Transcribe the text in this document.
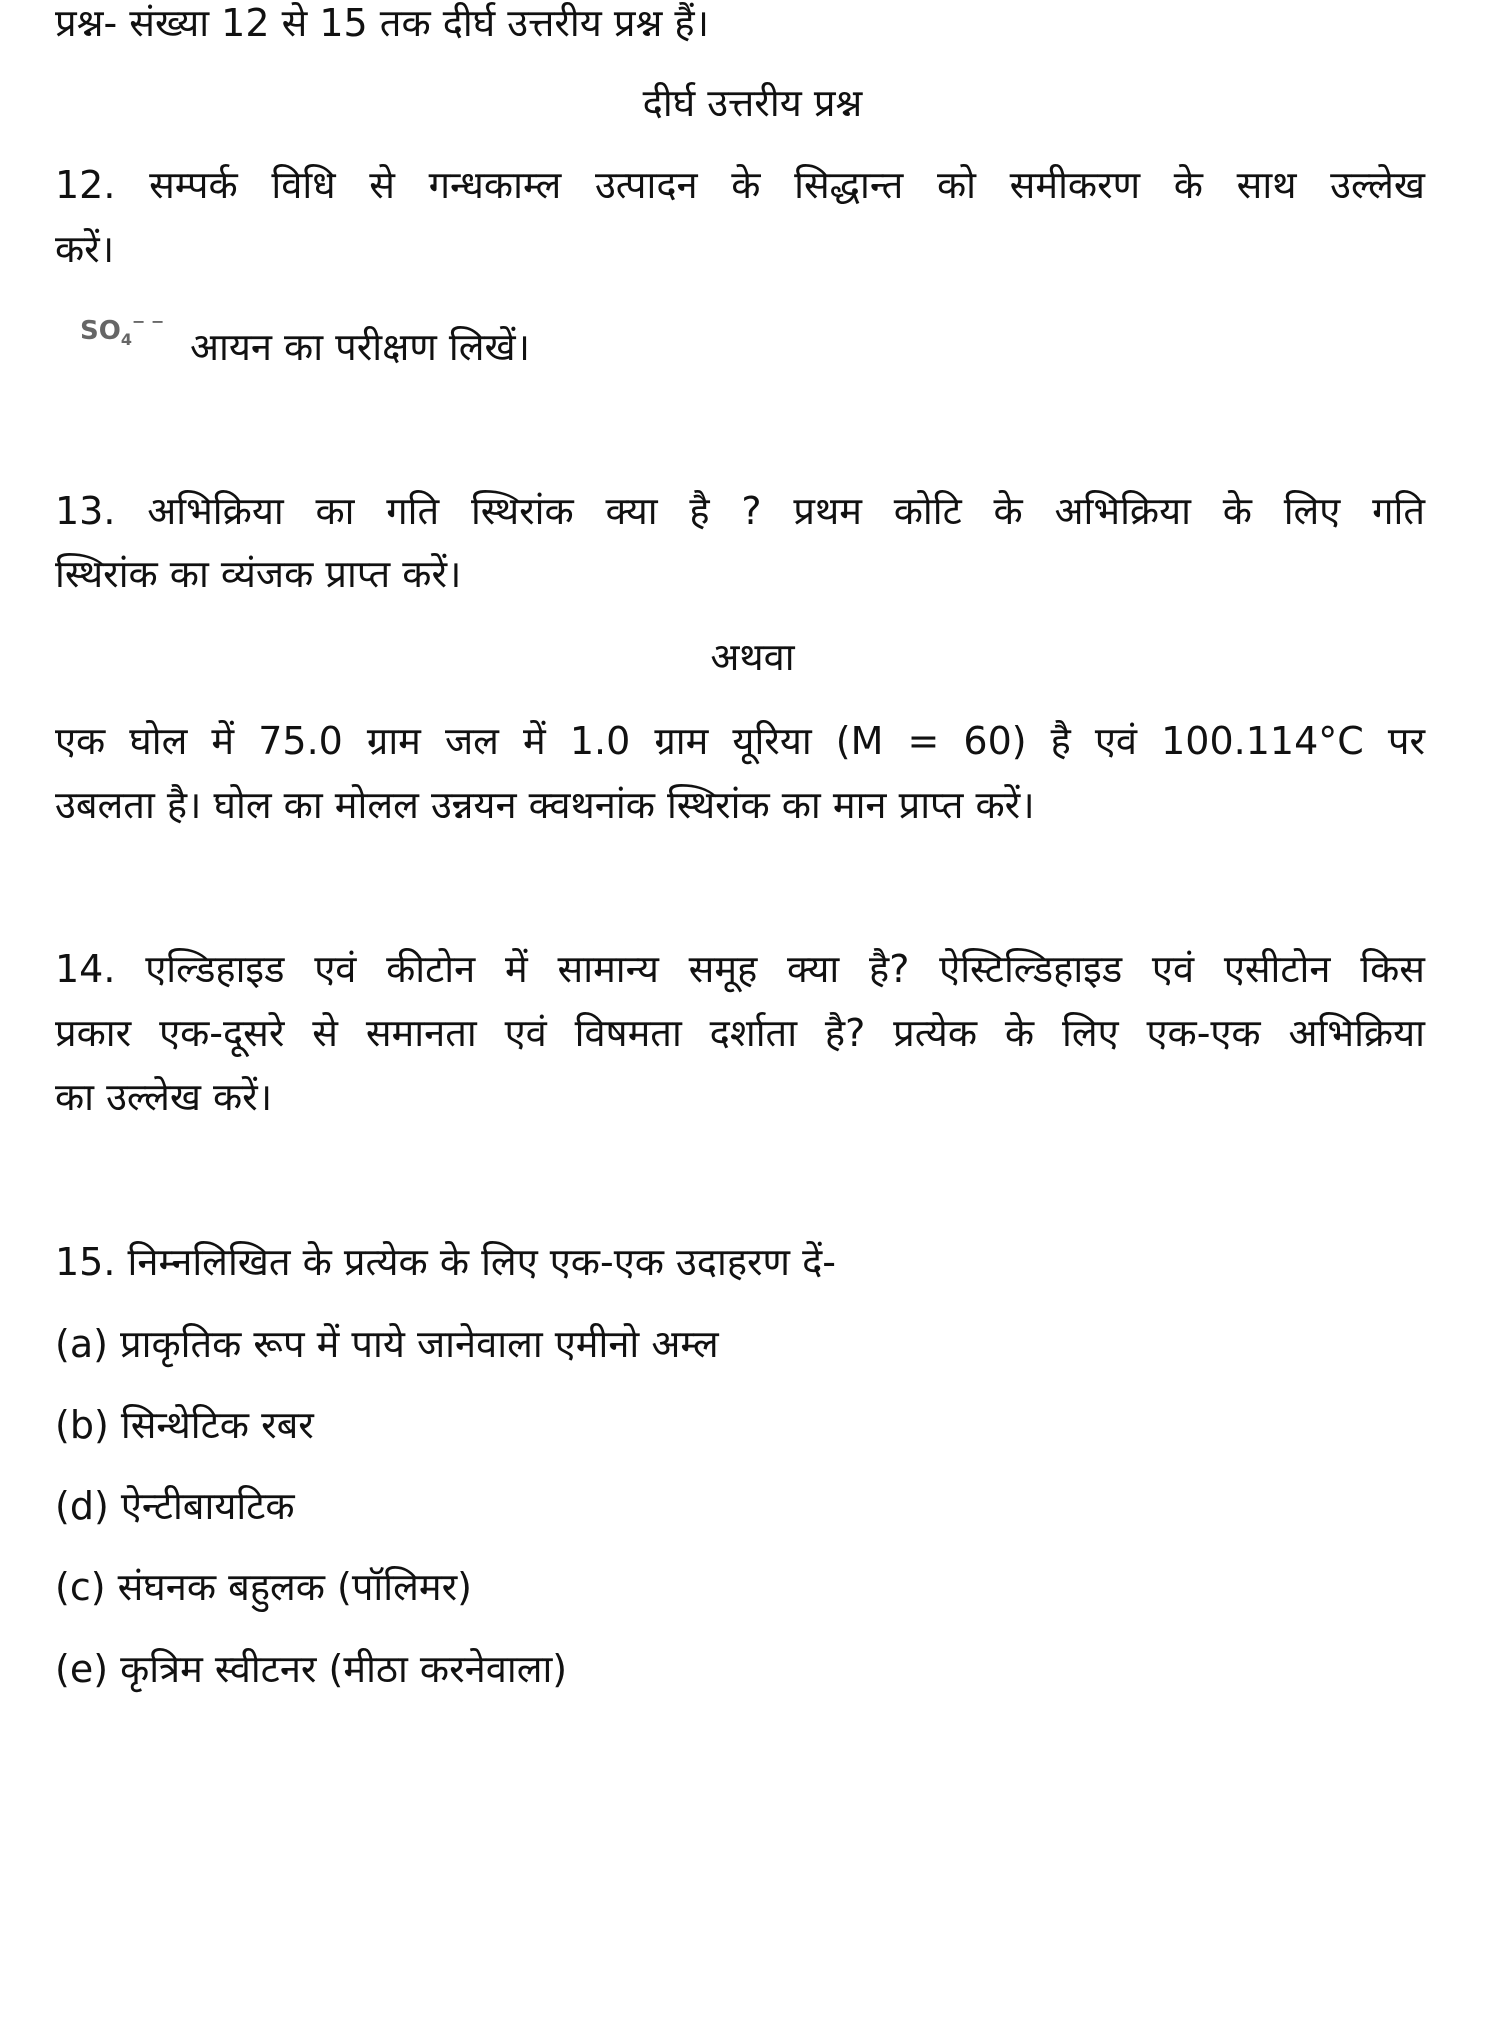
प्रश्न- संख्या 12 से 15 तक दीर्घ उत्तरीय प्रश्न हैं।
दीर्घ उत्तरीय प्रश्न
12. सम्पर्क विधि से गन्धकाम्ल उत्पादन के सिद्धान्त को समीकरण के साथ उल्लेख
करें।
$SO_4^{- -}$
आयन का परीक्षण लिखें।
13. अभिक्रिया का गति स्थिरांक क्या है ? प्रथम कोटि के अभिक्रिया के लिए गति
स्थिरांक का व्यंजक प्राप्त करें।
अथवा
एक घोल में 75.0 ग्राम जल में 1.0 ग्राम यूरिया (M = 60) है एवं 100.114°C पर
उबलता है। घोल का मोलल उन्नयन क्वथनांक स्थिरांक का मान प्राप्त करें।
14. एल्डिहाइड एवं कीटोन में सामान्य समूह क्या है? ऐस्टिल्डिहाइड एवं एसीटोन किस
प्रकार एक-दूसरे से समानता एवं विषमता दर्शाता है? प्रत्येक के लिए एक-एक अभिक्रिया
का उल्लेख करें।
15. निम्नलिखित के प्रत्येक के लिए एक-एक उदाहरण दें-
(a) प्राकृतिक रूप में पाये जानेवाला एमीनो अम्ल
(b) सिन्थेटिक रबर
(d) ऐन्टीबायटिक
(c) संघनक बहुलक (पॉलिमर)
(e) कृत्रिम स्वीटनर (मीठा करनेवाला)
